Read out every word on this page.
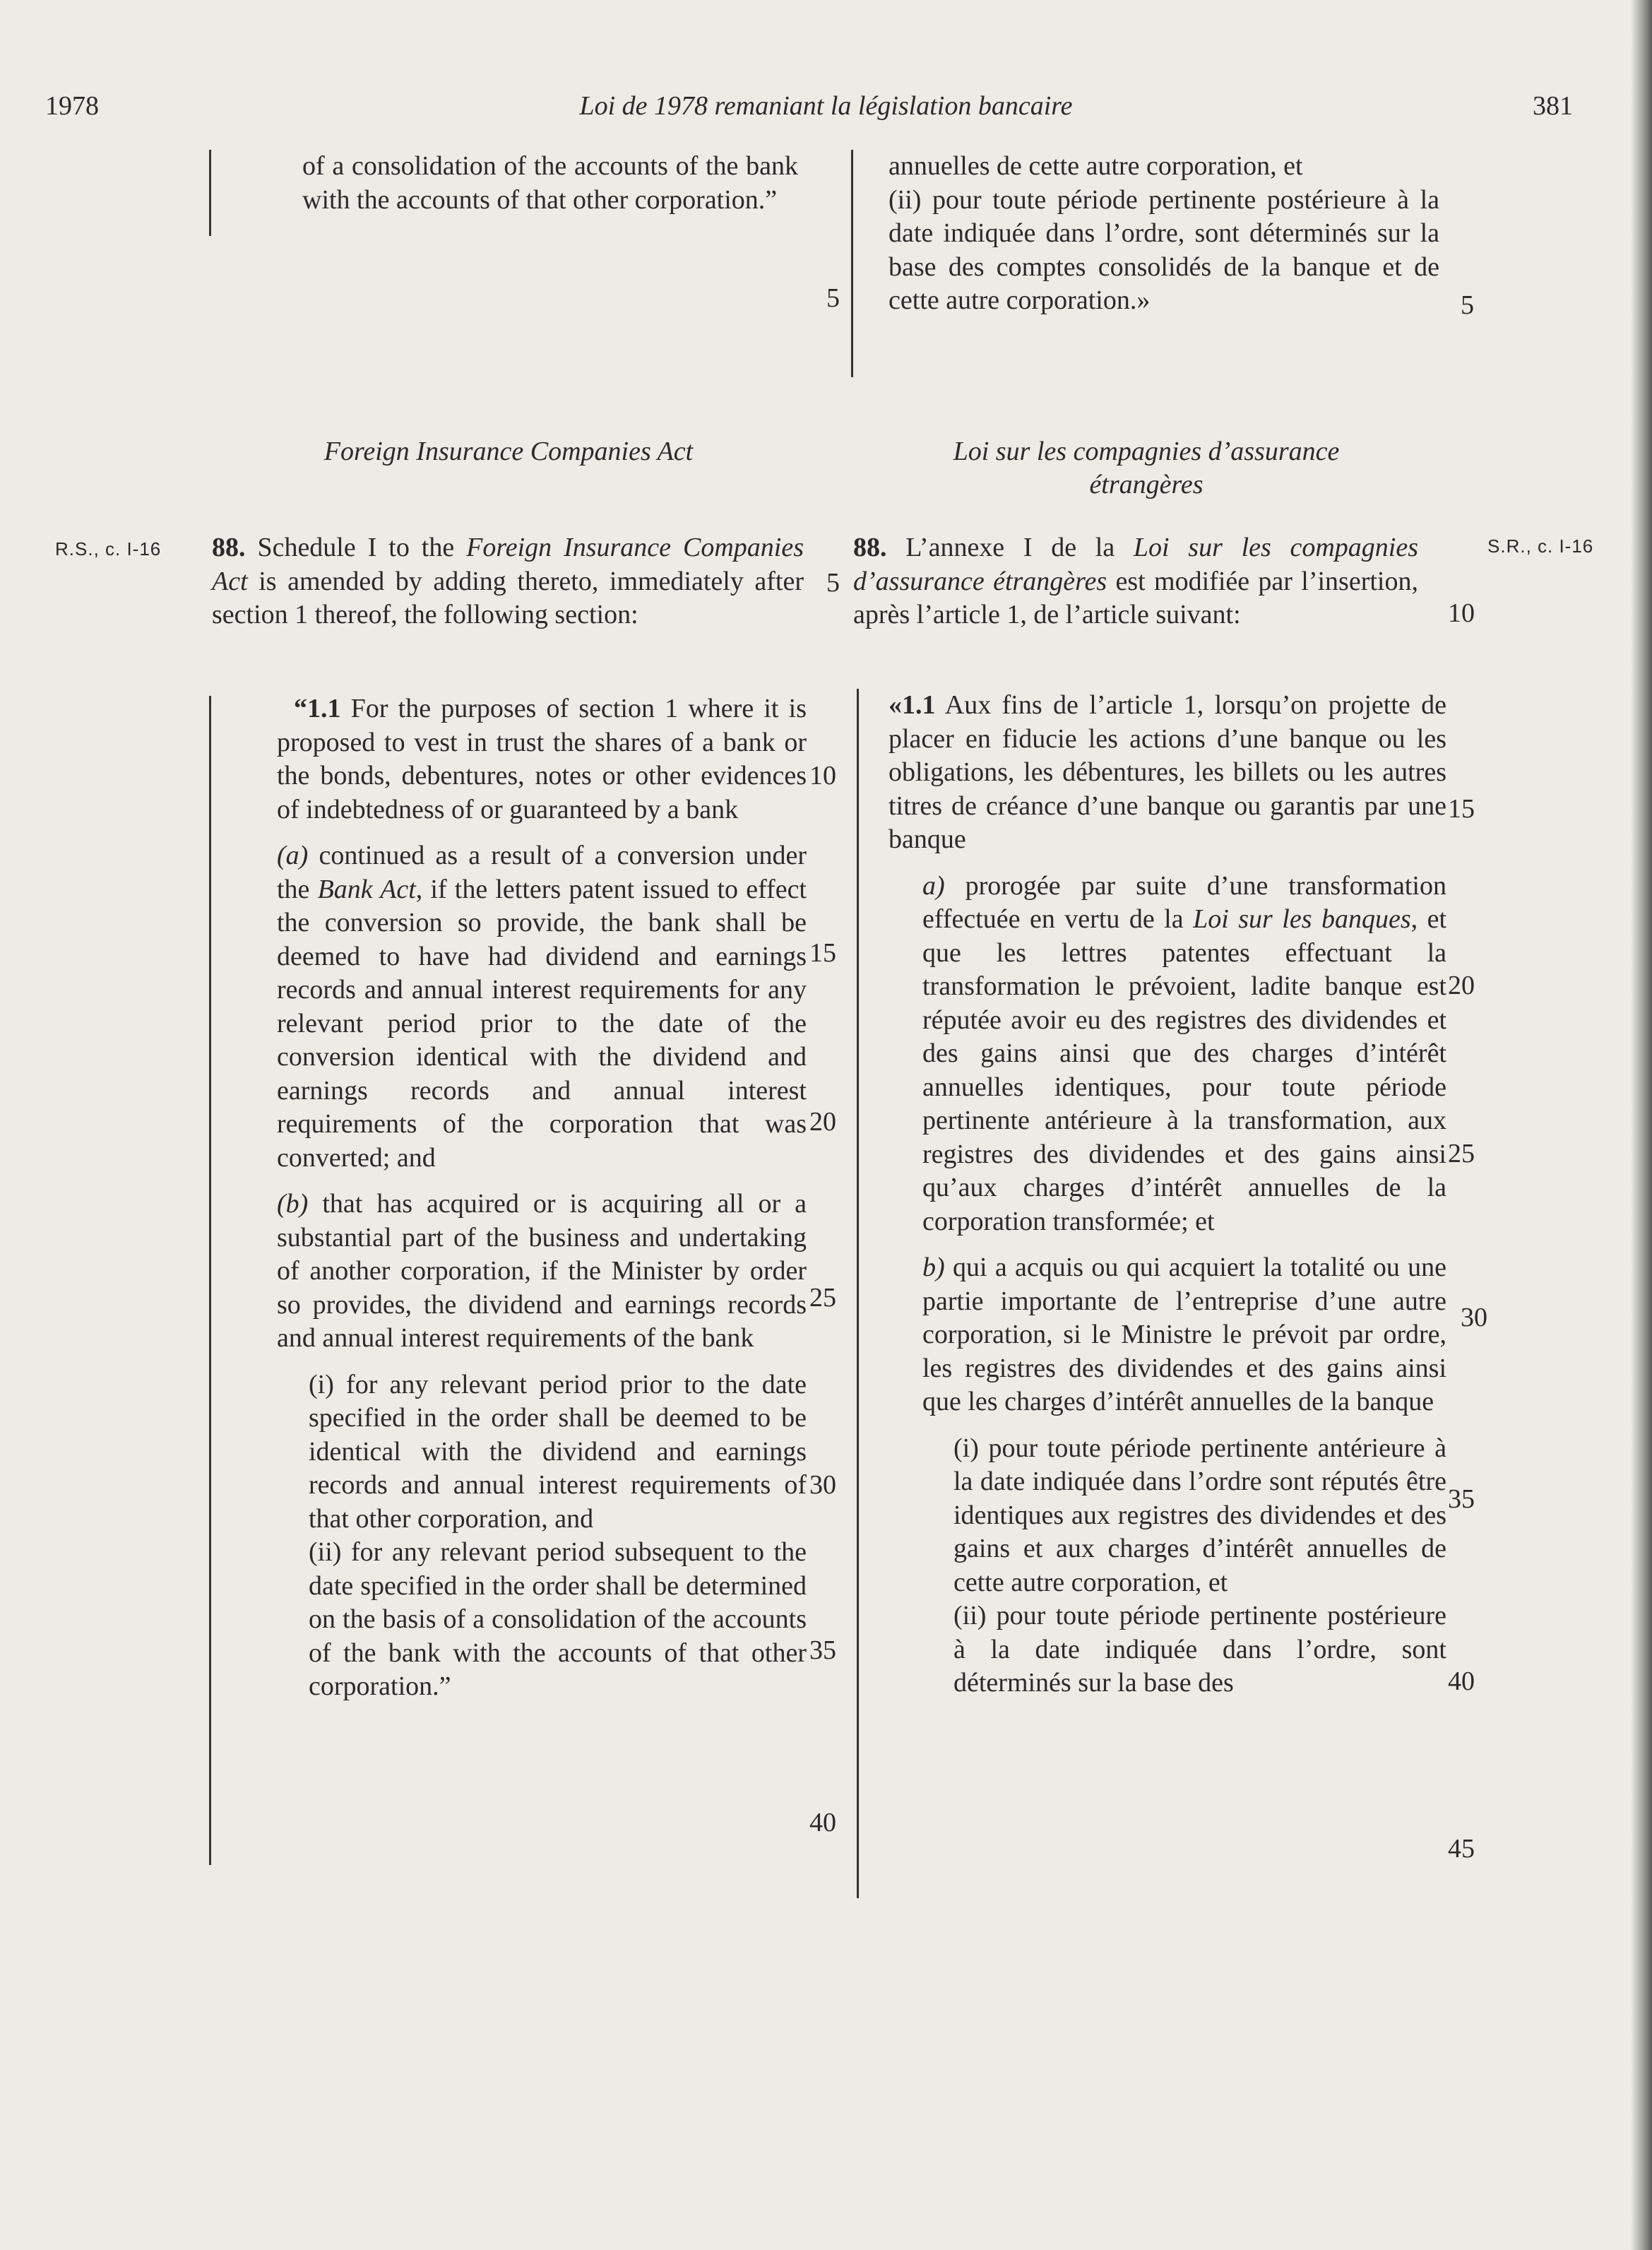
1978	Loi de 1978 remaniant la législation bancaire	381

of a consolidation of the accounts of the bank with the accounts of that other corporation.”

Foreign Insurance Companies Act
R.S., c. I-16 88. Schedule I to the Foreign Insurance Companies Act is amended by adding thereto, immediately after section 1 thereof, the following section:

“1.1 For the purposes of section 1 where it is proposed to vest in trust the shares of a bank or the bonds, debentures, notes or other evidences of indebtedness of or guaranteed by a bank

(a) continued as a result of a conversion under the Bank Act, if the letters patent issued to effect the conversion so provide, the bank shall be deemed to have had dividend and earnings records and annual interest requirements for any relevant period prior to the date of the conversion identical with the dividend and earnings records and annual interest requirements of the corporation that was converted; and

(b) that has acquired or is acquiring all or a substantial part of the business and undertaking of another corporation, if the Minister by order so provides, the dividend and earnings records and annual interest requirements of the bank

(i) for any relevant period prior to the date specified in the order shall be deemed to be identical with the dividend and earnings records and annual interest requirements of that other corporation, and

(ii) for any relevant period subsequent to the date specified in the order shall be determined on the basis of a consolidation of the accounts of the bank with the accounts of that other corporation.”

5
5
10
15
20
25
30
35
40

annuelles de cette autre corporation, et

(ii) pour toute période pertinente postérieure à la date indiquée dans l’ordre, sont déterminés sur la base des comptes consolidés de la banque et de cette autre corporation.»

Loi sur les compagnies d’assurance
étrangères
S.R., c. I-16

88. L’annexe I de la Loi sur les compagnies d’assurance étrangères est modifiée par l’insertion, après l’article 1, de l’article suivant:

«1.1 Aux fins de l’article 1, lorsqu’on projette de placer en fiducie les actions d’une banque ou les obligations, les débentures, les billets ou les autres titres de créance d’une banque ou garantis par une banque

a) prorogée par suite d’une transformation effectuée en vertu de la Loi sur les banques, et que les lettres patentes effectuant la transformation le prévoient, ladite banque est réputée avoir eu des registres des dividendes et des gains ainsi que des charges d’intérêt annuelles identiques, pour toute période pertinente antérieure à la transformation, aux registres des dividendes et des gains ainsi qu’aux charges d’intérêt annuelles de la corporation transformée; et

b) qui a acquis ou qui acquiert la totalité ou une partie importante de l’entreprise d’une autre corporation, si le Ministre le prévoit par ordre, les registres des dividendes et des gains ainsi que les charges d’intérêt annuelles de la banque

(i) pour toute période pertinente antérieure à la date indiquée dans l’ordre sont réputés être identiques aux registres des dividendes et des gains et aux charges d’intérêt annuelles de cette autre corporation, et

(ii) pour toute période pertinente postérieure à la date indiquée dans l’ordre, sont déterminés sur la base des

5
10
15
20
25
30
35
40
45
